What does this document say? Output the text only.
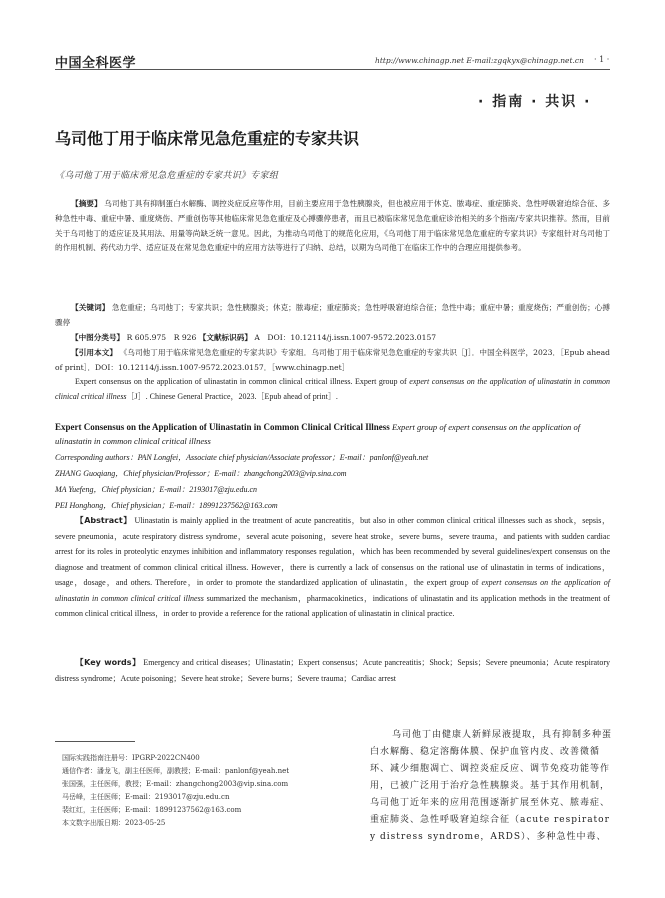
中国全科医学	http://www.chinagp.net E-mail:zgqkyx@chinagp.net.cn · 1 ·
· 指南 · 共识 ·
乌司他丁用于临床常见急危重症的专家共识
《乌司他丁用于临床常见急危重症的专家共识》专家组
【摘要】 乌司他丁具有抑制蛋白水解酶、调控炎症反应等作用，目前主要应用于急性胰腺炎，但也被应用于休克、脓毒症、重症肺炎、急性呼吸窘迫综合征、多种急性中毒、重症中暑、重度烧伤、严重创伤等其他临床常见急危重症及心搏骤停患者，而且已被临床常见急危重症诊治相关的多个指南/专家共识推荐。然而，目前关于乌司他丁的适应证及其用法、用量等尚缺乏统一意见。因此，为推动乌司他丁的规范化应用，《乌司他丁用于临床常见急危重症的专家共识》专家组针对乌司他丁的作用机制、药代动力学、适应证及在常见急危重症中的应用方法等进行了归纳、总结，以期为乌司他丁在临床工作中的合理应用提供参考。
【关键词】 急危重症；乌司他丁；专家共识；急性胰腺炎；休克；脓毒症；重症肺炎；急性呼吸窘迫综合征；急性中毒；重症中暑；重度烧伤；严重创伤；心搏骤停
【中图分类号】 R 605.975　R 926 【文献标识码】 A　DOI：10.12114/j.issn.1007-9572.2023.0157
【引用本文】 《乌司他丁用于临床常见急危重症的专家共识》专家组．乌司他丁用于临床常见急危重症的专家共识［J］．中国全科医学，2023．［Epub ahead of print］．DOI：10.12114/j.issn.1007-9572.2023.0157．［www.chinagp.net］
Expert consensus on the application of ulinastatin in common clinical critical illness. Expert group of expert consensus on the application of ulinastatin in common clinical critical illness［J］. Chinese General Practice，2023.［Epub ahead of print］.
Expert Consensus on the Application of Ulinastatin in Common Clinical Critical Illness Expert group of expert consensus on the application of ulinastatin in common clinical critical illness
Corresponding authors：PAN Longfei，Associate chief physician/Associate professor；E-mail：panlonf@yeah.net
ZHANG Guoqiang，Chief physician/Professor；E-mail：zhangchong2003@vip.sina.com
MA Yuefeng，Chief physician；E-mail：2193017@zju.edu.cn
PEI Honghong，Chief physician；E-mail：18991237562@163.com
【Abstract】 Ulinastatin is mainly applied in the treatment of acute pancreatitis，but also in other common clinical critical illnesses such as shock，sepsis，severe pneumonia，acute respiratory distress syndrome，several acute poisoning，severe heat stroke，severe burns，severe trauma，and patients with sudden cardiac arrest for its roles in proteolytic enzymes inhibition and inflammatory responses regulation，which has been recommended by several guidelines/expert consensus on the diagnose and treatment of common clinical critical illness. However，there is currently a lack of consensus on the rational use of ulinastatin in terms of indications，usage，dosage，and others. Therefore，in order to promote the standardized application of ulinastatin，the expert group of expert consensus on the application of ulinastatin in common clinical critical illness summarized the mechanism，pharmacokinetics，indications of ulinastatin and its application methods in the treatment of common clinical critical illness，in order to provide a reference for the rational application of ulinastatin in clinical practice.
【Key words】 Emergency and critical diseases；Ulinastatin；Expert consensus；Acute pancreatitis；Shock；Sepsis；Severe pneumonia；Acute respiratory distress syndrome；Acute poisoning；Severe heat stroke；Severe burns；Severe trauma；Cardiac arrest
国际实践指南注册号：IPGRP-2022CN400
通信作者：潘龙飞，副主任医师，副教授；E-mail：panlonf@yeah.net
张国强，主任医师，教授；E-mail：zhangchong2003@vip.sina.com
马岳峰，主任医师；E-mail：2193017@zju.edu.cn
裴红红，主任医师；E-mail：18991237562@163.com
本文数字出版日期：2023-05-25
乌司他丁由健康人新鲜尿液提取，具有抑制多种蛋白水解酶、稳定溶酶体膜、保护血管内皮、改善微循环、减少细胞凋亡、调控炎症反应、调节免疫功能等作用，已被广泛用于治疗急性胰腺炎。基于其作用机制，乌司他丁近年来的应用范围逐渐扩展至休克、脓毒症、重症肺炎、急性呼吸窘迫综合征（acute respiratory distress syndrome，ARDS）、多种急性中毒、
